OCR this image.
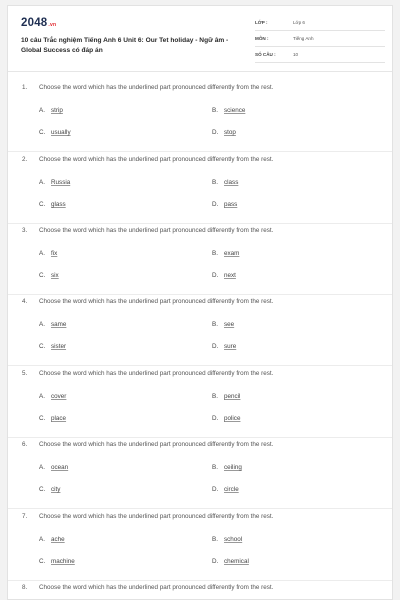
2048.vn
10 câu Trắc nghiệm Tiếng Anh 6 Unit 6: Our Tet holiday - Ngữ âm - Global Success có đáp án
LỚP :	Lớp 6
MÔN :	Tiếng Anh
SỐ CÂU :	10
1. Choose the word which has the underlined part pronounced differently from the rest.
A. strip	B. science
C. usually	D. stop
2. Choose the word which has the underlined part pronounced differently from the rest.
A. Russia	B. class
C. glass	D. pass
3. Choose the word which has the underlined part pronounced differently from the rest.
A. fix	B. exam
C. six	D. next
4. Choose the word which has the underlined part pronounced differently from the rest.
A. same	B. see
C. sister	D. sure
5. Choose the word which has the underlined part pronounced differently from the rest.
A. cover	B. pencil
C. place	D. police
6. Choose the word which has the underlined part pronounced differently from the rest.
A. ocean	B. ceiling
C. city	D. circle
7. Choose the word which has the underlined part pronounced differently from the rest.
A. ache	B. school
C. machine	D. chemical
8. Choose the word which has the underlined part pronounced differently from the rest.
